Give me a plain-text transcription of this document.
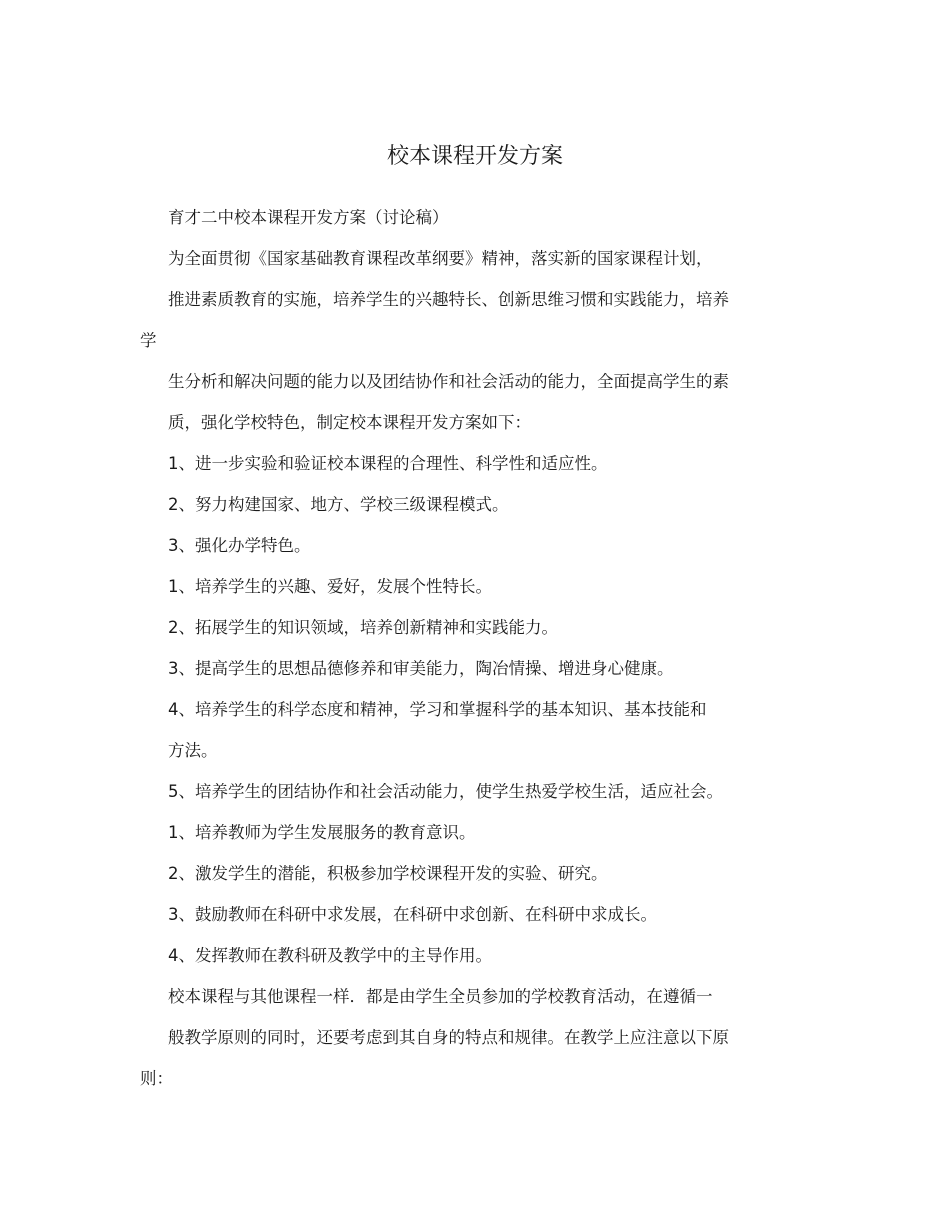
校本课程开发方案
育才二中校本课程开发方案（讨论稿）
为全面贯彻《国家基础教育课程改革纲要》精神，落实新的国家课程计划，
推进素质教育的实施，培养学生的兴趣特长、创新思维习惯和实践能力，培养
学
生分析和解决问题的能力以及团结协作和社会活动的能力，全面提高学生的素
质，强化学校特色，制定校本课程开发方案如下：
1、进一步实验和验证校本课程的合理性、科学性和适应性。
2、努力构建国家、地方、学校三级课程模式。
3、强化办学特色。
1、培养学生的兴趣、爱好，发展个性特长。
2、拓展学生的知识领域，培养创新精神和实践能力。
3、提高学生的思想品德修养和审美能力，陶冶情操、增进身心健康。
4、培养学生的科学态度和精神，学习和掌握科学的基本知识、基本技能和
方法。
5、培养学生的团结协作和社会活动能力，使学生热爱学校生活，适应社会。
1、培养教师为学生发展服务的教育意识。
2、激发学生的潜能，积极参加学校课程开发的实验、研究。
3、鼓励教师在科研中求发展，在科研中求创新、在科研中求成长。
4、发挥教师在教科研及教学中的主导作用。
校本课程与其他课程一样．都是由学生全员参加的学校教育活动，在遵循一
般教学原则的同时，还要考虑到其自身的特点和规律。在教学上应注意以下原
则：
